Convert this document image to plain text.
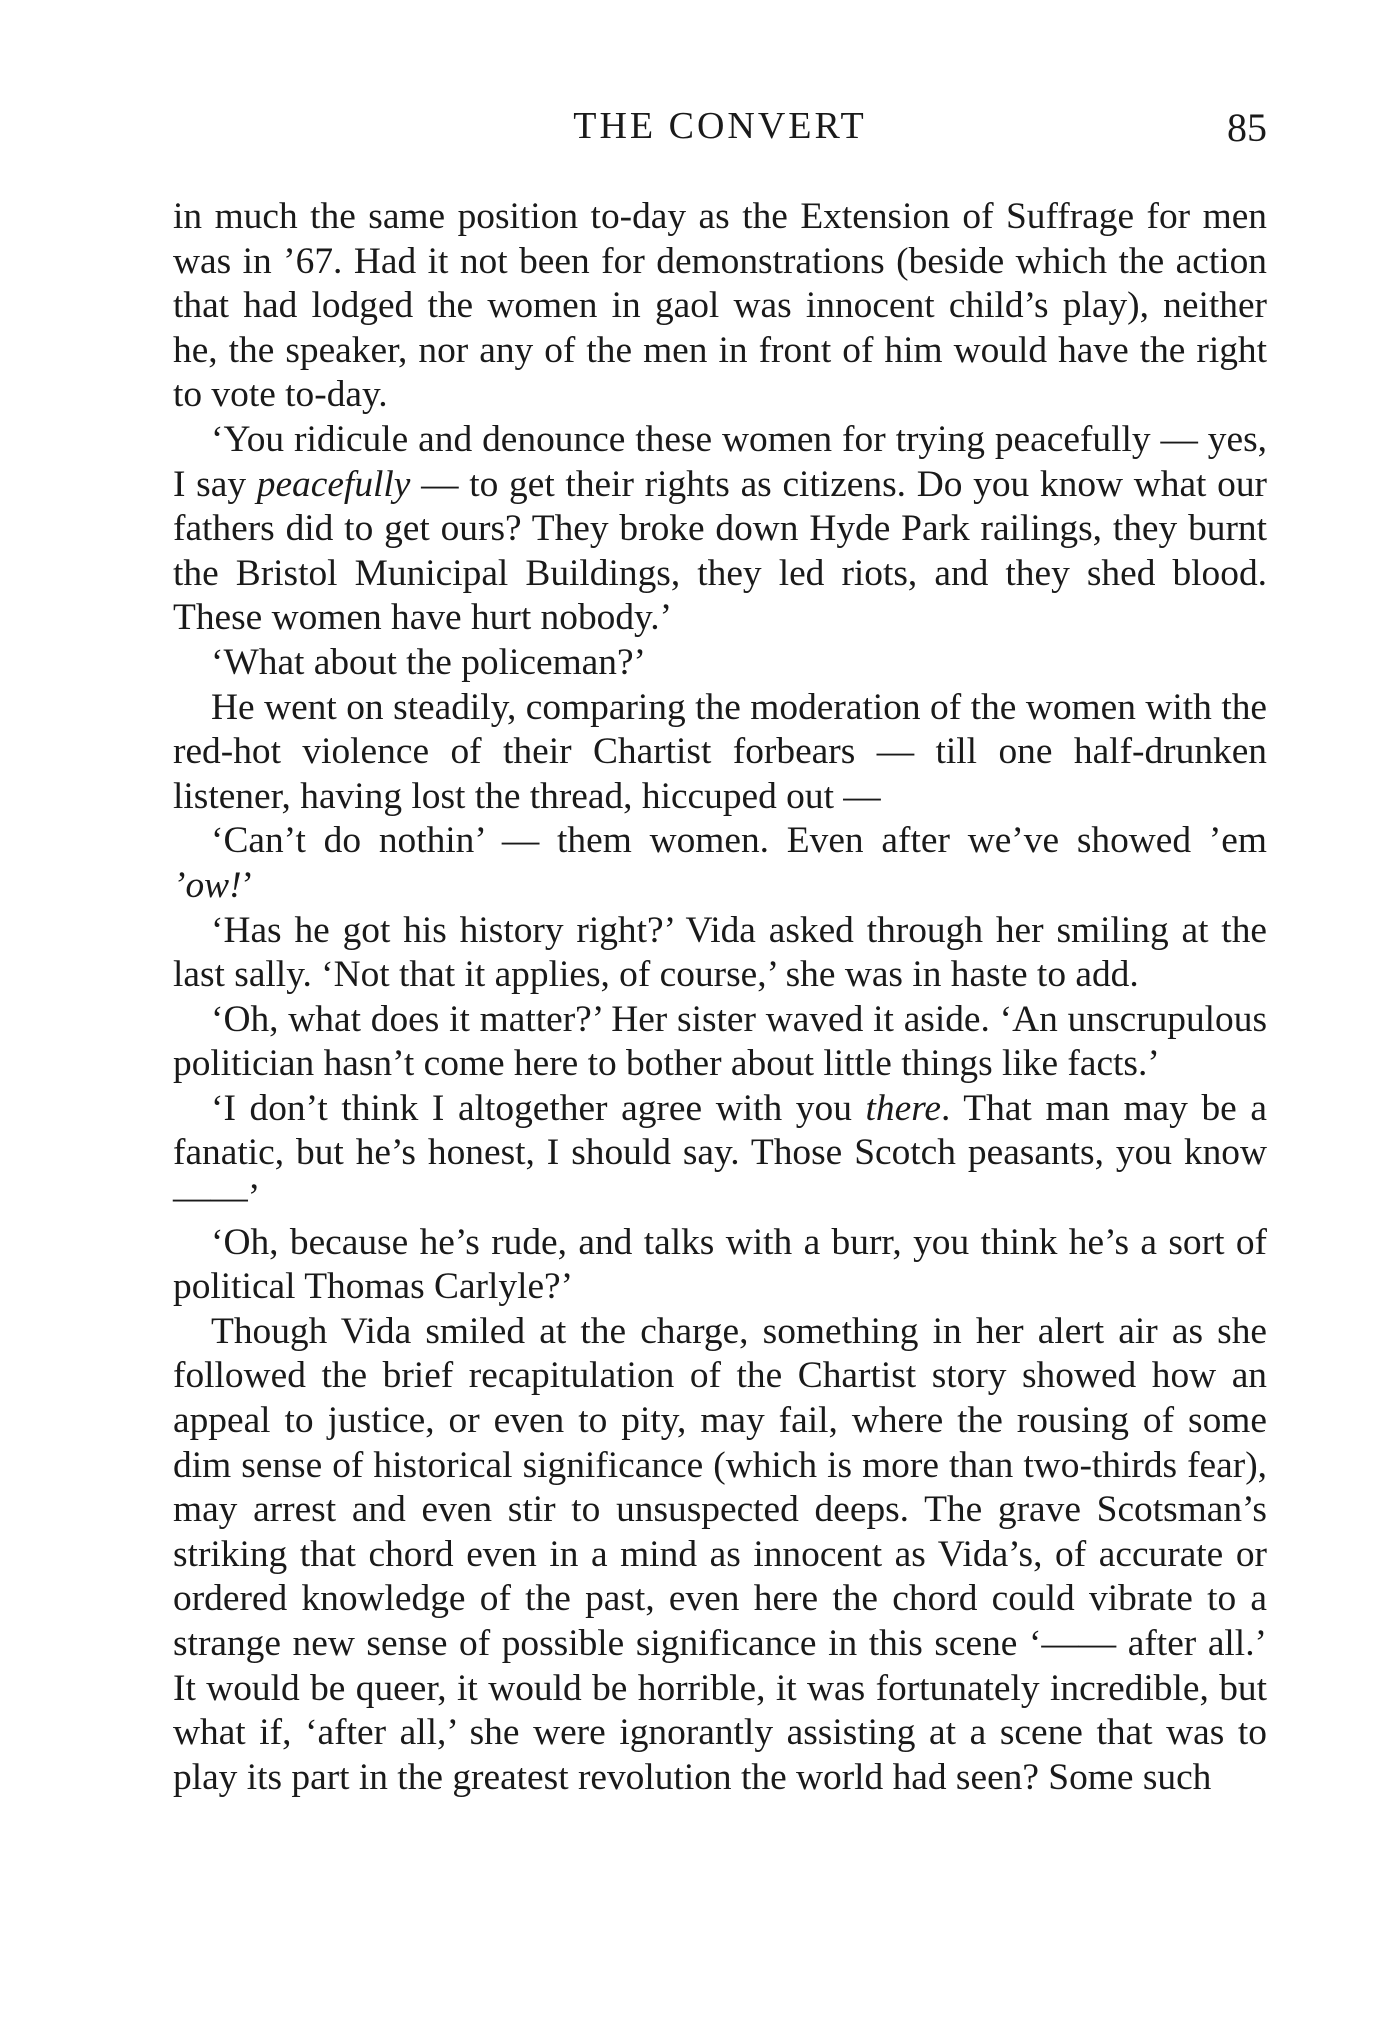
THE CONVERT	85

in much the same position to-day as the Extension of Suffrage for men was in ’67. Had it not been for demonstrations (beside which the action that had lodged the women in gaol was innocent child’s play), neither he, the speaker, nor any of the men in front of him would have the right to vote to-day.

‘You ridicule and denounce these women for trying peacefully — yes, I say peacefully — to get their rights as citizens. Do you know what our fathers did to get ours? They broke down Hyde Park railings, they burnt the Bristol Municipal Buildings, they led riots, and they shed blood. These women have hurt nobody.’

‘What about the policeman?’

He went on steadily, comparing the moderation of the women with the red-hot violence of their Chartist forbears — till one half-drunken listener, having lost the thread, hiccuped out —

‘Can’t do nothin’ — them women. Even after we’ve showed ’em ’ow!’

‘Has he got his history right?’ Vida asked through her smiling at the last sally. ‘Not that it applies, of course,’ she was in haste to add.

‘Oh, what does it matter?’ Her sister waved it aside. ‘An unscrupulous politician hasn’t come here to bother about little things like facts.’

‘I don’t think I altogether agree with you there. That man may be a fanatic, but he’s honest, I should say. Those Scotch peasants, you know ——’

‘Oh, because he’s rude, and talks with a burr, you think he’s a sort of political Thomas Carlyle?’

Though Vida smiled at the charge, something in her alert air as she followed the brief recapitulation of the Chartist story showed how an appeal to justice, or even to pity, may fail, where the rousing of some dim sense of historical significance (which is more than two-thirds fear), may arrest and even stir to unsuspected deeps. The grave Scotsman’s striking that chord even in a mind as innocent as Vida’s, of accurate or ordered knowledge of the past, even here the chord could vibrate to a strange new sense of possible significance in this scene ‘—— after all.’ It would be queer, it would be horrible, it was fortunately incredible, but what if, ‘after all,’ she were ignorantly assisting at a scene that was to play its part in the greatest revolution the world had seen? Some such
